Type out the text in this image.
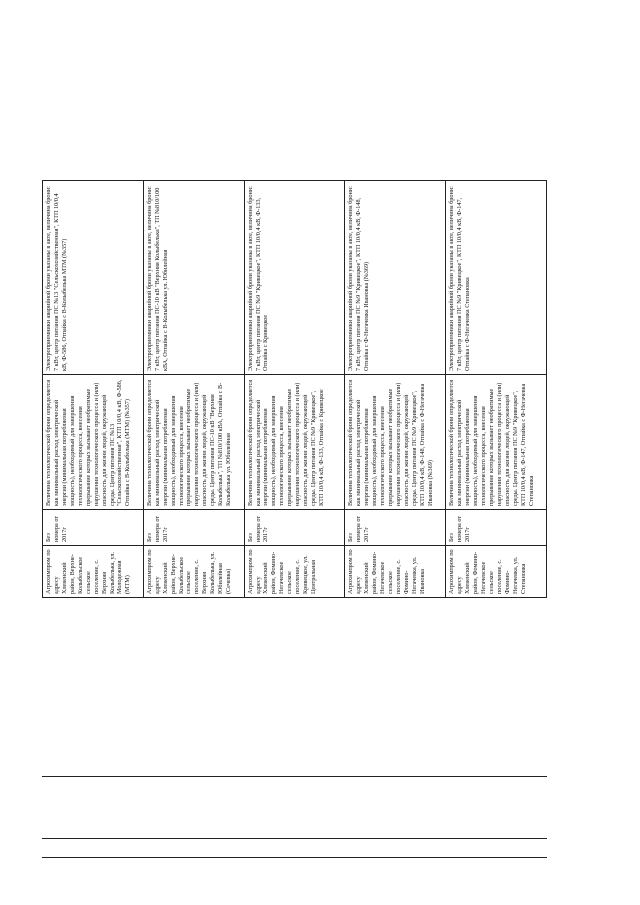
Агрохимпром по адресу Хлевенский район, Верхне-Колыбельское сельское поселение, с. Верхняя Колыбелька, ул. Молодежная (МТМ)
Без номера от 2017г
Величина технологической брони определяется как минимальный расход электрической энергии (минимальная потребляемая мощность), необходимый для завершения технологического процесса, внесения прерывание которых вызывает необратимые нарушения технологического процесса и (или) опасность для жизни людей, окружающей среды. Центр питания ПС №13 "Сельскохозяйственная", КТП 10/0,4 кВ, Ф-586, Отпайка с В-Колыбелька (МТМ) (№357)
Электроприемники аварийной брони указаны в акте, величина брони: 7 кВт, центр питания ПС №13 "Сельскохозяйственная", КТП 10/0,4 кВ, Ф-586, Отпайка с В-Колыбелька МТМ (№357)
Агрохимпром по адресу Хлевенский район, Верхне-Колыбельское сельское поселение, с. Верхняя Колыбелька, ул. Юбилейная (Сечевка)
Без номера от 2017г
Величина технологической брони определяется как минимальный расход электрической энергии (минимальная потребляемая мощность), необходимый для завершения технологического процесса, внесения прерывание которых вызывает необратимые нарушения технологического процесса и (или) опасность для жизни людей, окружающей среды. Центр питания ПС-10 кВ "Верхняя Колыбелька", ТП №810/100 кВА, Отпайка с В-Колыбелька ул. Юбилейная
Электроприемники аварийной брони указаны в акте, величина брони: 7 кВт, центр питания ПС-10 кВ "Верхняя Колыбелька", ТП №810/100 кВА, Отпайка с В-Колыбелька ул. Юбилейная
Агрохимпром по адресу Хлевенский район, Фомино-Негачевское сельское поселение, с. Кривецкое, ул. Центральная
Без номера от 2017г
Величина технологической брони определяется как минимальный расход электрической энергии (минимальная потребляемая мощность), необходимый для завершения технологического процесса, внесения прерывание которых вызывает необратимые нарушения технологического процесса и (или) опасность для жизни людей, окружающей среды. Центр питания ПС №9 "Кривецкое", КТП 10/0,4 кВ, Ф-133, Отпайка с Кривецкое
Электроприемники аварийной брони указаны в акте, величина брони: 7 кВт, центр питания ПС №9 "Кривецкое", КТП 10/0,4 кВ, Ф-133, Отпайка с Кривецкое
Агрохимпром по адресу Хлевенский район, Фомино-Негачевское сельское поселение, с. Фомино-Негачевка, ул. Ивановка
Без номера от 2017г
Величина технологической брони определяется как минимальный расход электрической энергии (минимальная потребляемая мощность), необходимый для завершения технологического процесса, внесения прерывание которых вызывает необратимые нарушения технологического процесса и (или) опасность для жизни людей, окружающей среды. Центр питания ПС №9 "Кривецкое", КТП 10/0,4 кВ, Ф-148, Отпайка с Ф-Негачевка Ивановка (№369)
Электроприемники аварийной брони указаны в акте, величина брони: 7 кВт, центр питания ПС №9 "Кривецкое", КТП 10/0,4 кВ, Ф-148, Отпайка с Ф-Негачевка Ивановка (№369)
Агрохимпром по адресу Хлевенский район, Фомино-Негачевское сельское поселение, с. Фомино-Негачевка, ул. Степановка
Без номера от 2017г
Величина технологической брони определяется как минимальный расход электрической энергии (минимальная потребляемая мощность), необходимый для завершения технологического процесса, внесения прерывание которых вызывает необратимые нарушения технологического процесса и (или) опасность для жизни людей, окружающей среды. Центр питания ПС №9 "Кривецкое", КТП 10/0,4 кВ, Ф-147, Отпайка с Ф-Негачевка Степановка
Электроприемники аварийной брони указаны в акте, величина брони: 7 кВт, центр питания ПС №9 "Кривецкое", КТП 10/0,4 кВ, Ф-147, Отпайка с Ф-Негачевка Степановка
